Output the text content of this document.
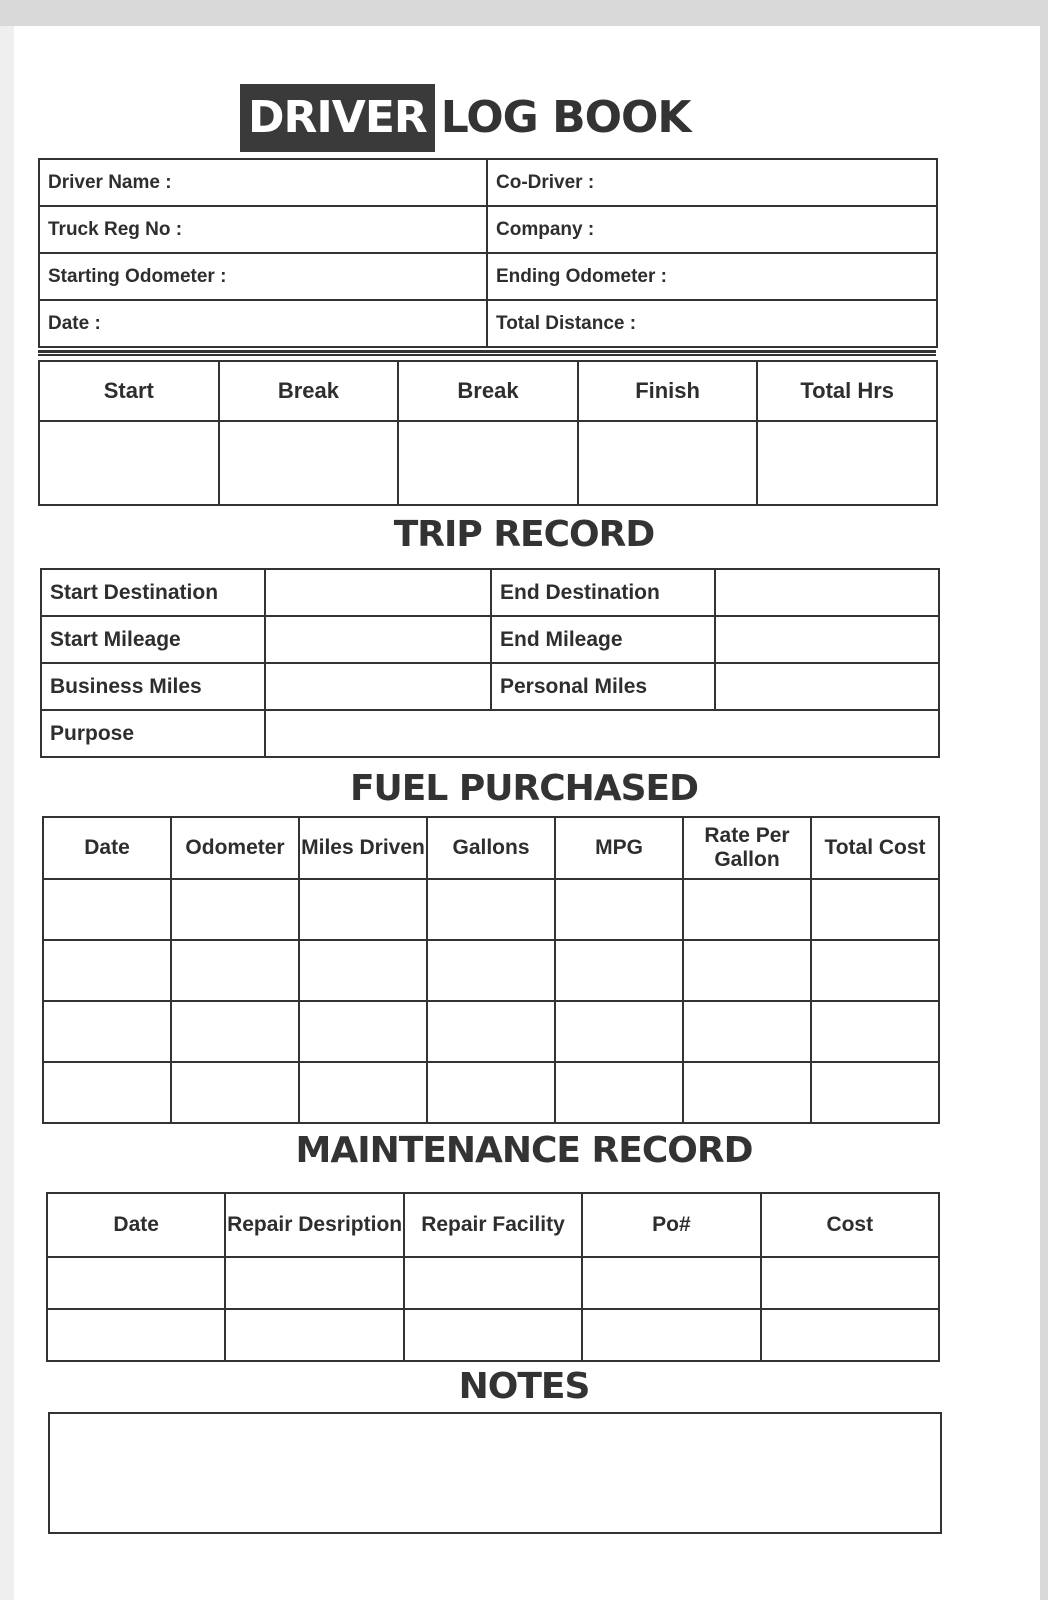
DRIVER LOG BOOK
Driver Name :	Co-Driver :
Truck Reg No :	Company :
Starting Odometer :	Ending Odometer :
Date :	Total Distance :
Start	Break	Break	Finish	Total Hrs

TRIP RECORD
Start Destination		End Destination	
Start Mileage		End Mileage	
Business Miles		Personal Miles	
Purpose			
FUEL PURCHASED
Date	Odometer	Miles Driven	Gallons	MPG	Rate Per Gallon	Total Cost

MAINTENANCE RECORD
Date	Repair Desription	Repair Facility	Po#	Cost

NOTES
